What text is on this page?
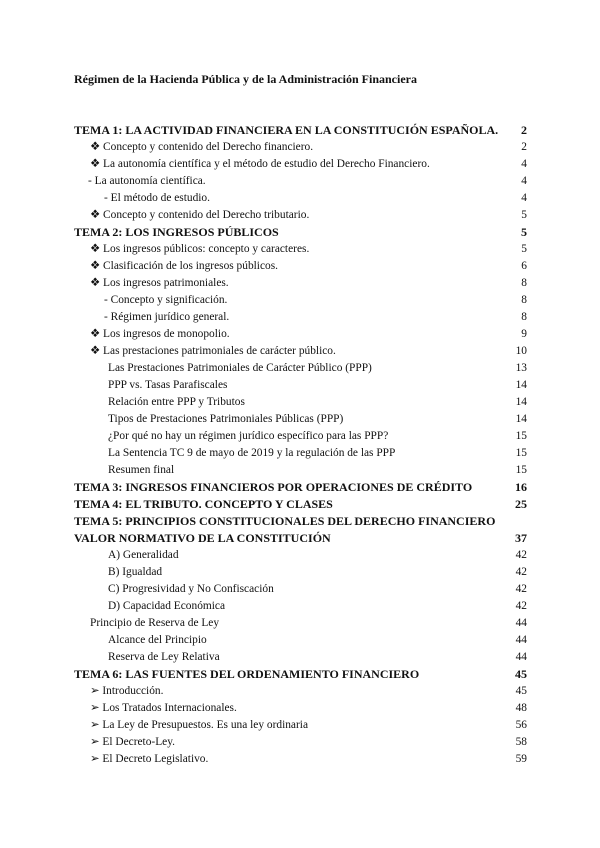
Régimen de la Hacienda Pública y de la Administración Financiera
TEMA 1: LA ACTIVIDAD FINANCIERA EN LA CONSTITUCIÓN ESPAÑOLA. 2
❖ Concepto y contenido del Derecho financiero.	2
❖ La autonomía científica y el método de estudio del Derecho Financiero.	4
- La autonomía científica.	4
- El método de estudio.	4
❖ Concepto y contenido del Derecho tributario.	5
TEMA 2: LOS INGRESOS PÚBLICOS	5
❖ Los ingresos públicos: concepto y caracteres.	5
❖ Clasificación de los ingresos públicos.	6
❖ Los ingresos patrimoniales.	8
- Concepto y significación.	8
- Régimen jurídico general.	8
❖ Los ingresos de monopolio.	9
❖ Las prestaciones patrimoniales de carácter público.	10
Las Prestaciones Patrimoniales de Carácter Público (PPP)	13
PPP vs. Tasas Parafiscales	14
Relación entre PPP y Tributos	14
Tipos de Prestaciones Patrimoniales Públicas (PPP)	14
¿Por qué no hay un régimen jurídico específico para las PPP?	15
La Sentencia TC 9 de mayo de 2019 y la regulación de las PPP	15
Resumen final	15
TEMA 3: INGRESOS FINANCIEROS POR OPERACIONES DE CRÉDITO	16
TEMA 4: EL TRIBUTO. CONCEPTO Y CLASES	25
TEMA 5: PRINCIPIOS CONSTITUCIONALES DEL DERECHO FINANCIERO
VALOR NORMATIVO DE LA CONSTITUCIÓN	37
A) Generalidad	42
B) Igualdad	42
C) Progresividad y No Confiscación	42
D) Capacidad Económica	42
Principio de Reserva de Ley	44
Alcance del Principio	44
Reserva de Ley Relativa	44
TEMA 6: LAS FUENTES DEL ORDENAMIENTO FINANCIERO	45
➢ Introducción.	45
➢ Los Tratados Internacionales.	48
➢ La Ley de Presupuestos. Es una ley ordinaria	56
➢ El Decreto-Ley.	58
➢ El Decreto Legislativo.	59
